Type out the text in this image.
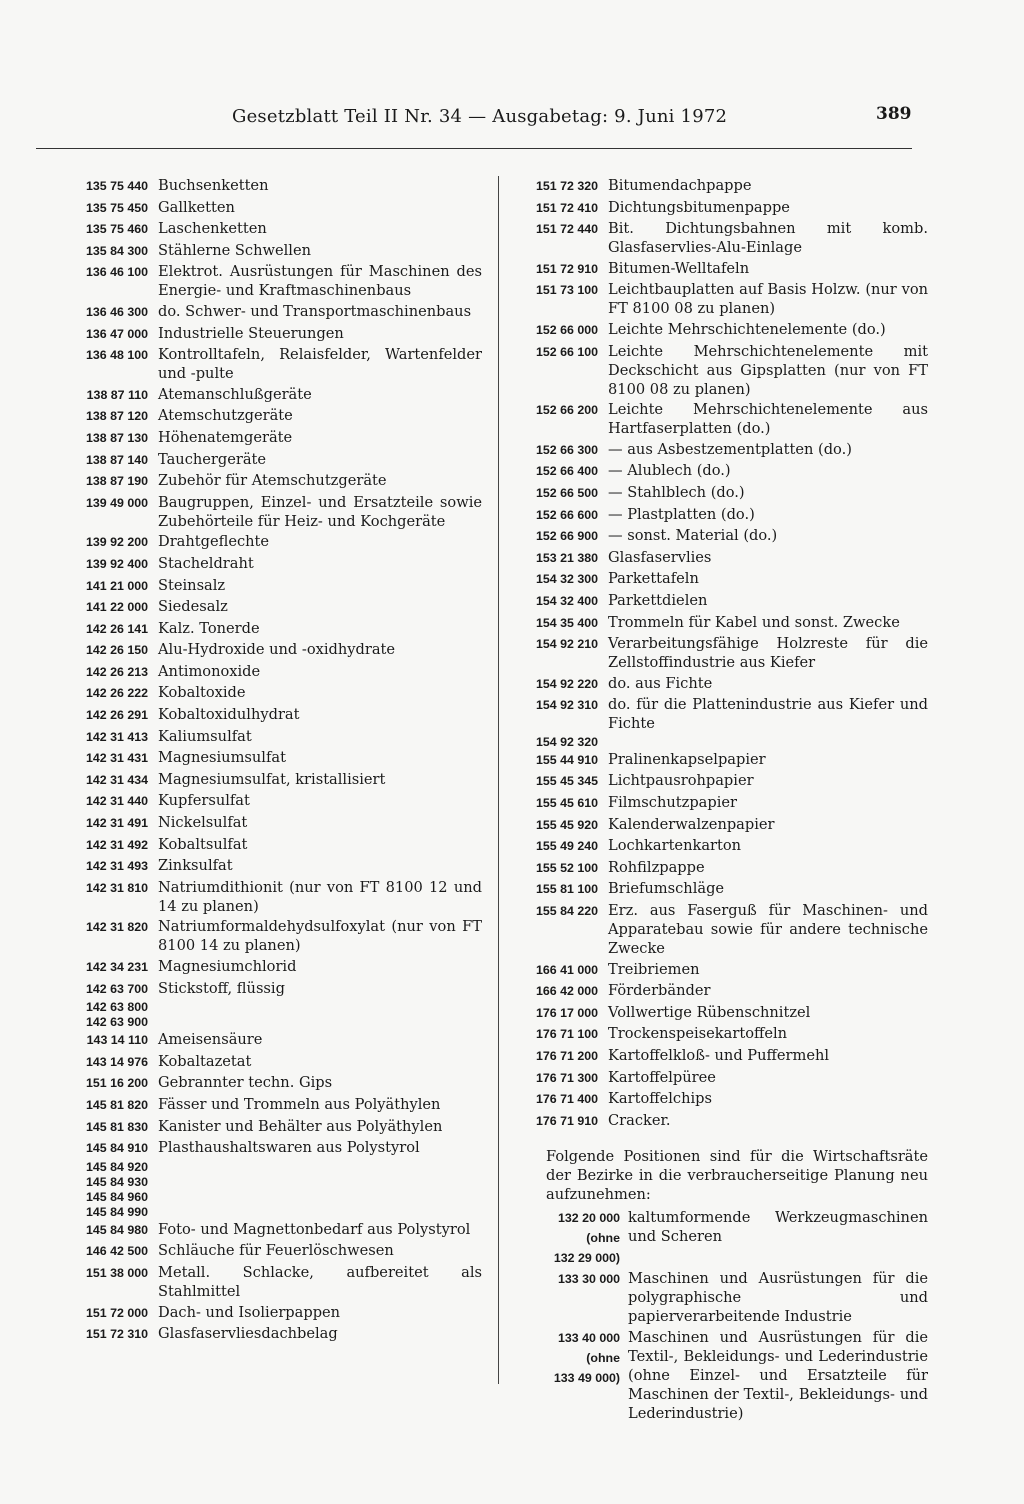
Gesetzblatt Teil II Nr. 34 — Ausgabetag: 9. Juni 1972	389
135 75 440 Buchsenketten
135 75 450 Gallketten
135 75 460 Laschenketten
135 84 300 Stählerne Schwellen
136 46 100 Elektrot. Ausrüstungen für Maschinen des Energie- und Kraftmaschinenbaus
136 46 300 do. Schwer- und Transportmaschinenbaus
136 47 000 Industrielle Steuerungen
136 48 100 Kontrolltafeln, Relaisfelder, Wartenfelder und -pulte
138 87 110 Atemanschlußgeräte
138 87 120 Atemschutzgeräte
138 87 130 Höhenatemgeräte
138 87 140 Tauchergeräte
138 87 190 Zubehör für Atemschutzgeräte
139 49 000 Baugruppen, Einzel- und Ersatzteile sowie Zubehörteile für Heiz- und Kochgeräte
139 92 200 Drahtgeflechte
139 92 400 Stacheldraht
141 21 000 Steinsalz
141 22 000 Siedesalz
142 26 141 Kalz. Tonerde
142 26 150 Alu-Hydroxide und -oxidhydrate
142 26 213 Antimonoxide
142 26 222 Kobaltoxide
142 26 291 Kobaltoxidulhydrat
142 31 413 Kaliumsulfat
142 31 431 Magnesiumsulfat
142 31 434 Magnesiumsulfat, kristallisiert
142 31 440 Kupfersulfat
142 31 491 Nickelsulfat
142 31 492 Kobaltsulfat
142 31 493 Zinksulfat
142 31 810 Natriumdithionit (nur von FT 8100 12 und 14 zu planen)
142 31 820 Natriumformaldehydsulfoxylat (nur von FT 8100 14 zu planen)
142 34 231 Magnesiumchlorid
142 63 700 Stickstoff, flüssig
142 63 800
142 63 900
143 14 110 Ameisensäure
143 14 976 Kobaltazetat
151 16 200 Gebrannter techn. Gips
145 81 820 Fässer und Trommeln aus Polyäthylen
145 81 830 Kanister und Behälter aus Polyäthylen
145 84 910 Plasthaushaltswaren aus Polystyrol
145 84 920
145 84 930
145 84 960
145 84 990
145 84 980 Foto- und Magnettonbedarf aus Polystyrol
146 42 500 Schläuche für Feuerlöschwesen
151 38 000 Metall. Schlacke, aufbereitet als Stahlmittel
151 72 000 Dach- und Isolierpappen
151 72 310 Glasfaservliesdachbelag
151 72 320 Bitumendachpappe
151 72 410 Dichtungsbitumenpappe
151 72 440 Bit. Dichtungsbahnen mit komb. Glasfaservlies-Alu-Einlage
151 72 910 Bitumen-Welltafeln
151 73 100 Leichtbauplatten auf Basis Holzw. (nur von FT 8100 08 zu planen)
152 66 000 Leichte Mehrschichtenelemente (do.)
152 66 100 Leichte Mehrschichtenelemente mit Deckschicht aus Gipsplatten (nur von FT 8100 08 zu planen)
152 66 200 Leichte Mehrschichtenelemente aus Hartfaserplatten (do.)
152 66 300 — aus Asbestzementplatten (do.)
152 66 400 — Alublech (do.)
152 66 500 — Stahlblech (do.)
152 66 600 — Plastplatten (do.)
152 66 900 — sonst. Material (do.)
153 21 380 Glasfaservlies
154 32 300 Parkettafeln
154 32 400 Parkettdielen
154 35 400 Trommeln für Kabel und sonst. Zwecke
154 92 210 Verarbeitungsfähige Holzreste für die Zellstoffindustrie aus Kiefer
154 92 220 do. aus Fichte
154 92 310 do. für die Plattenindustrie aus Kiefer und Fichte
154 92 320
155 44 910 Pralinenkapselpapier
155 45 345 Lichtpausrohpapier
155 45 610 Filmschutzpapier
155 45 920 Kalenderwalzenpapier
155 49 240 Lochkartenkarton
155 52 100 Rohfilzpappe
155 81 100 Briefumschläge
155 84 220 Erz. aus Faserguß für Maschinen- und Apparatebau sowie für andere technische Zwecke
166 41 000 Treibriemen
166 42 000 Förderbänder
176 17 000 Vollwertige Rübenschnitzel
176 71 100 Trockenspeisekartoffeln
176 71 200 Kartoffelkloß- und Puffermehl
176 71 300 Kartoffelpüree
176 71 400 Kartoffelchips
176 71 910 Cracker.
Folgende Positionen sind für die Wirtschaftsräte der Bezirke in die verbraucherseitige Planung neu aufzunehmen:
132 20 000
(ohne
132 29 000)
kaltumformende Werkzeugmaschinen und Scheren
133 30 000 Maschinen und Ausrüstungen für die polygraphische und papierverarbeitende Industrie
133 40 000
(ohne
133 49 000)
Maschinen und Ausrüstungen für die Textil-, Bekleidungs- und Lederindustrie (ohne Einzel- und Ersatzteile für Maschinen der Textil-, Bekleidungs- und Lederindustrie)
